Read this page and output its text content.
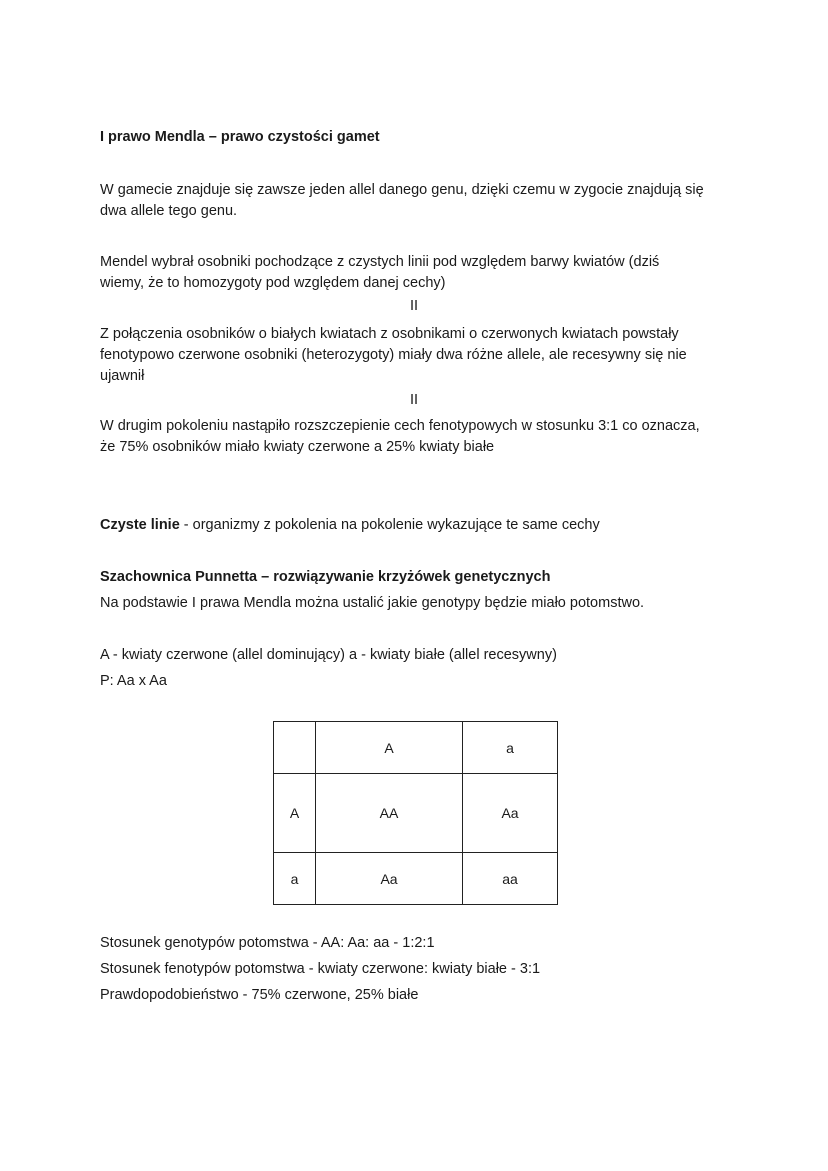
I prawo Mendla – prawo czystości gamet
W gamecie znajduje się zawsze jeden allel danego genu, dzięki czemu w zygocie znajdują się
dwa allele tego genu.
Mendel wybrał osobniki pochodzące z czystych linii pod względem barwy kwiatów (dziś
wiemy, że to homozygoty pod względem danej cechy)
II
Z połączenia osobników o białych kwiatach z osobnikami o czerwonych kwiatach powstały
fenotypowo czerwone osobniki (heterozygoty) miały dwa różne allele, ale recesywny się nie
ujawnił
II
W drugim pokoleniu nastąpiło rozszczepienie cech fenotypowych w stosunku 3:1 co oznacza,
że 75% osobników miało kwiaty czerwone a 25% kwiaty białe
Czyste linie - organizmy z pokolenia na pokolenie wykazujące te same cechy
Szachownica Punnetta – rozwiązywanie krzyżówek genetycznych
Na podstawie I prawa Mendla można ustalić jakie genotypy będzie miało potomstwo.
A - kwiaty czerwone (allel dominujący) a - kwiaty białe (allel recesywny)
P: Aa x Aa
	A	a
A	AA	Aa
a	Aa	aa
Stosunek genotypów potomstwa - AA: Aa: aa - 1:2:1
Stosunek fenotypów potomstwa - kwiaty czerwone: kwiaty białe - 3:1
Prawdopodobieństwo - 75% czerwone, 25% białe
